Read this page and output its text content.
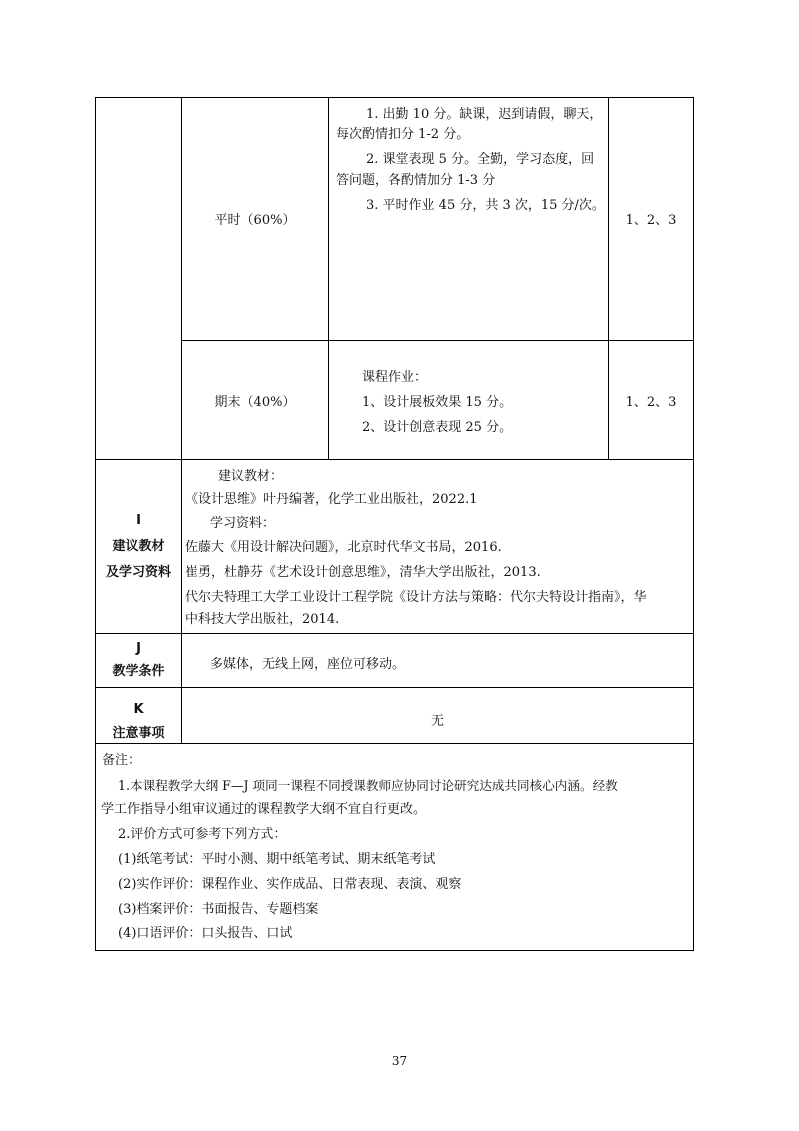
平时（60%）
1. 出勤 10 分。缺课，迟到请假，聊天，
每次酌情扣分 1-2 分。
2. 课堂表现 5 分。全勤，学习态度，回
答问题，各酌情加分 1-3 分
3. 平时作业 45 分，共 3 次，15 分/次。
1、2、3
期末（40%）
课程作业：
1、设计展板效果 15 分。
2、设计创意表现 25 分。
1、2、3
I
建议教材
及学习资料
建议教材：
《设计思维》叶丹编著，化学工业出版社，2022.1
学习资料：
佐藤大《用设计解决问题》，北京时代华文书局，2016.
崔勇，杜静芬《艺术设计创意思维》，清华大学出版社，2013.
代尔夫特理工大学工业设计工程学院《设计方法与策略：代尔夫特设计指南》，华
中科技大学出版社，2014.
J
教学条件	多媒体，无线上网，座位可移动。
K
注意事项
无
备注：
1.本课程教学大纲 F—J 项同一课程不同授课教师应协同讨论研究达成共同核心内涵。经教
学工作指导小组审议通过的课程教学大纲不宜自行更改。
2.评价方式可参考下列方式：
(1)纸笔考试：平时小测、期中纸笔考试、期末纸笔考试
(2)实作评价：课程作业、实作成品、日常表现、表演、观察
(3)档案评价：书面报告、专题档案
(4)口语评价：口头报告、口试
37
